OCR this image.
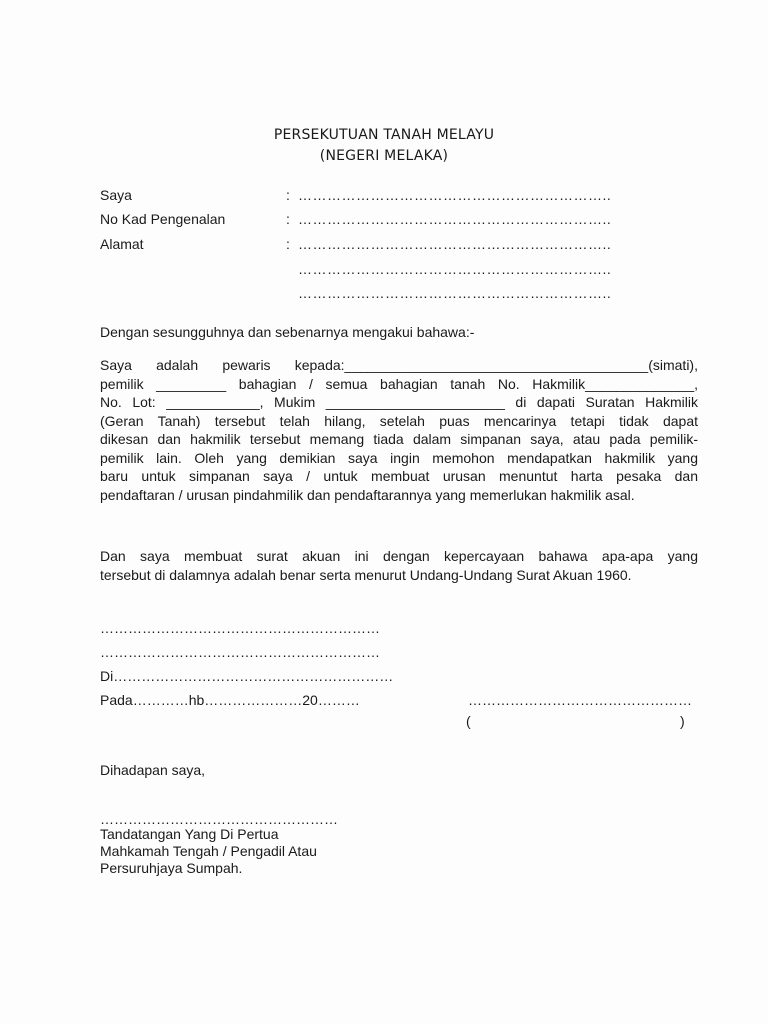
PERSEKUTUAN TANAH MELAYU
(NEGERI MELAKA)
Saya	: ………………………………………………………..
No Kad Pengenalan	: ………………………………………………………..
Alamat	: ………………………………………………………..
………………………………………………………..
………………………………………………………..
Dengan sesungguhnya dan sebenarnya mengakui bahawa:-
Saya adalah pewaris kepada:_______________________________________(simati),
pemilik _________ bahagian / semua bahagian tanah No. Hakmilik______________,
No. Lot: ____________, Mukim _______________________ di dapati Suratan Hakmilik
(Geran Tanah) tersebut telah hilang, setelah puas mencarinya tetapi tidak dapat
dikesan dan hakmilik tersebut memang tiada dalam simpanan saya, atau pada pemilik-
pemilik lain. Oleh yang demikian saya ingin memohon mendapatkan hakmilik yang
baru untuk simpanan saya / untuk membuat urusan menuntut harta pesaka dan
pendaftaran / urusan pindahmilik dan pendaftarannya yang memerlukan hakmilik asal.
Dan saya membuat surat akuan ini dengan kepercayaan bahawa apa-apa yang
tersebut di dalamnya adalah benar serta menurut Undang-Undang Surat Akuan 1960.
……………………………………………………
……………………………………………………
Di……………………………………………………
Pada…………hb…………………20………	…………………………………………
(	)
Dihadapan saya,
……………………………………………
Tandatangan Yang Di Pertua
Mahkamah Tengah / Pengadil Atau
Persuruhjaya Sumpah.
